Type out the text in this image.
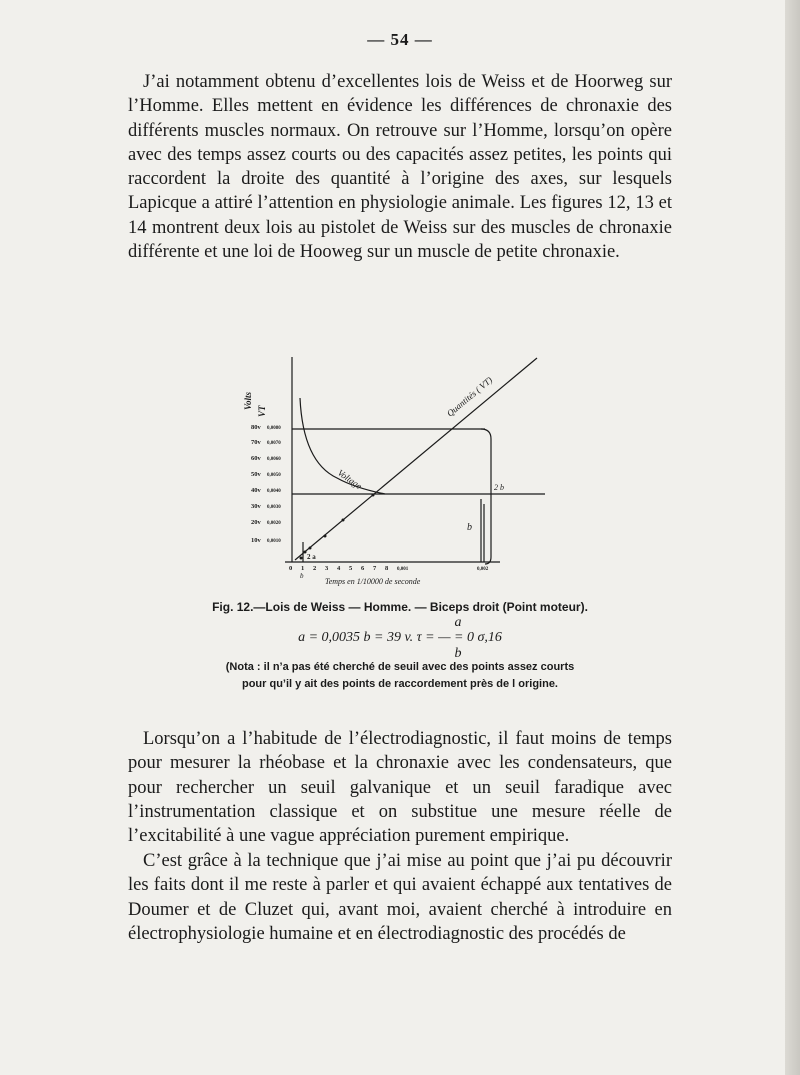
— 54 —

J’ai notamment obtenu d’excellentes lois de Weiss et de Hoorweg sur l’Homme. Elles mettent en évidence les différences de chronaxie des différents muscles normaux. On retrouve sur l’Homme, lorsqu’on opère avec des temps assez courts ou des capacités assez petites, les points qui raccordent la droite des quantité à l’origine des axes, sur lesquels Lapicque a attiré l’attention en physiologie animale. Les figures 12, 13 et 14 montrent deux lois au pistolet de Weiss sur des muscles de chronaxie différente et une loi de Hooweg sur un muscle de petite chronaxie.

Volts
VT
80v
70v
60v
50v
40v
30v
20v
10v
0,0080
0,0070
0,0060
0,0050
0,0040
0,0030
0,0020
0,0010
0 1 2 3 4 5 6 7 8 0,001	0,002
Temps en 1/10000 de seconde
Quantités ( VT)
Voltage
2 a
2 b
b
b
Fig. 12.—Lois de Weiss — Homme. — Biceps droit (Point moteur).
a
a = 0,0035 b = 39 v. τ = — = 0 σ,16
b
(Nota : il n’a pas été cherché de seuil avec des points assez courts
pour qu’il y ait des points de raccordement près de l origine.

Lorsqu’on a l’habitude de l’électrodiagnostic, il faut moins de temps pour mesurer la rhéobase et la chronaxie avec les condensateurs, que pour rechercher un seuil galvanique et un seuil faradique avec l’instrumentation classique et on substitue une mesure réelle de l’excitabilité à une vague appréciation purement empirique.

C’est grâce à la technique que j’ai mise au point que j’ai pu découvrir les faits dont il me reste à parler et qui avaient échappé aux tentatives de Doumer et de Cluzet qui, avant moi, avaient cherché à introduire en électrophysiologie humaine et en électrodiagnostic des procédés de
